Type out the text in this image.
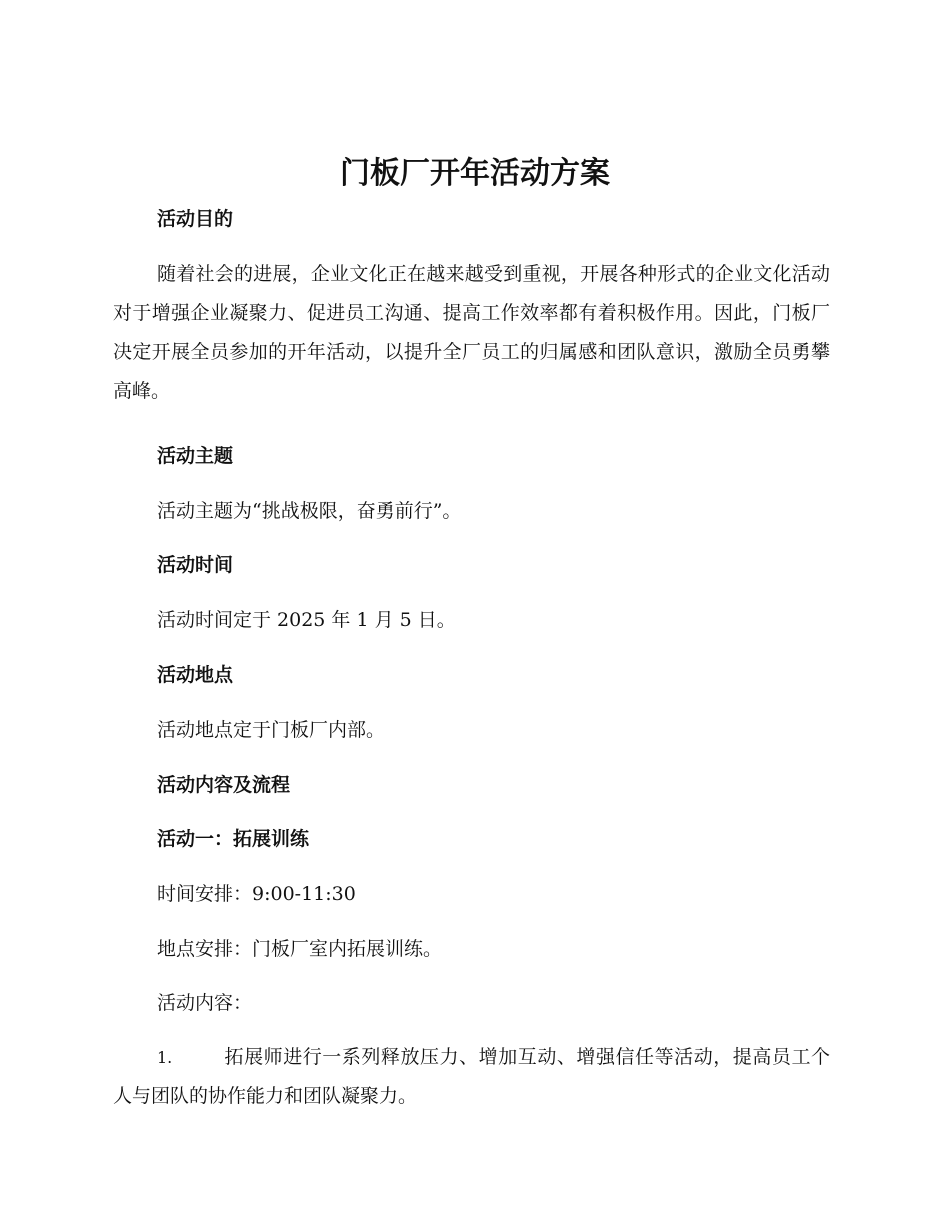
门板厂开年活动方案

活动目的

随着社会的进展，企业文化正在越来越受到重视，开展各种形式的企业文化活动对于增强企业凝聚力、促进员工沟通、提高工作效率都有着积极作用。因此，门板厂决定开展全员参加的开年活动，以提升全厂员工的归属感和团队意识，激励全员勇攀高峰。

活动主题

活动主题为“挑战极限，奋勇前行”。

活动时间

活动时间定于 2025 年 1 月 5 日。

活动地点

活动地点定于门板厂内部。

活动内容及流程

活动一：拓展训练

时间安排：9:00-11:30

地点安排：门板厂室内拓展训练。

活动内容：

1.	拓展师进行一系列释放压力、增加互动、增强信任等活动，提高员工个人与团队的协作能力和团队凝聚力。
